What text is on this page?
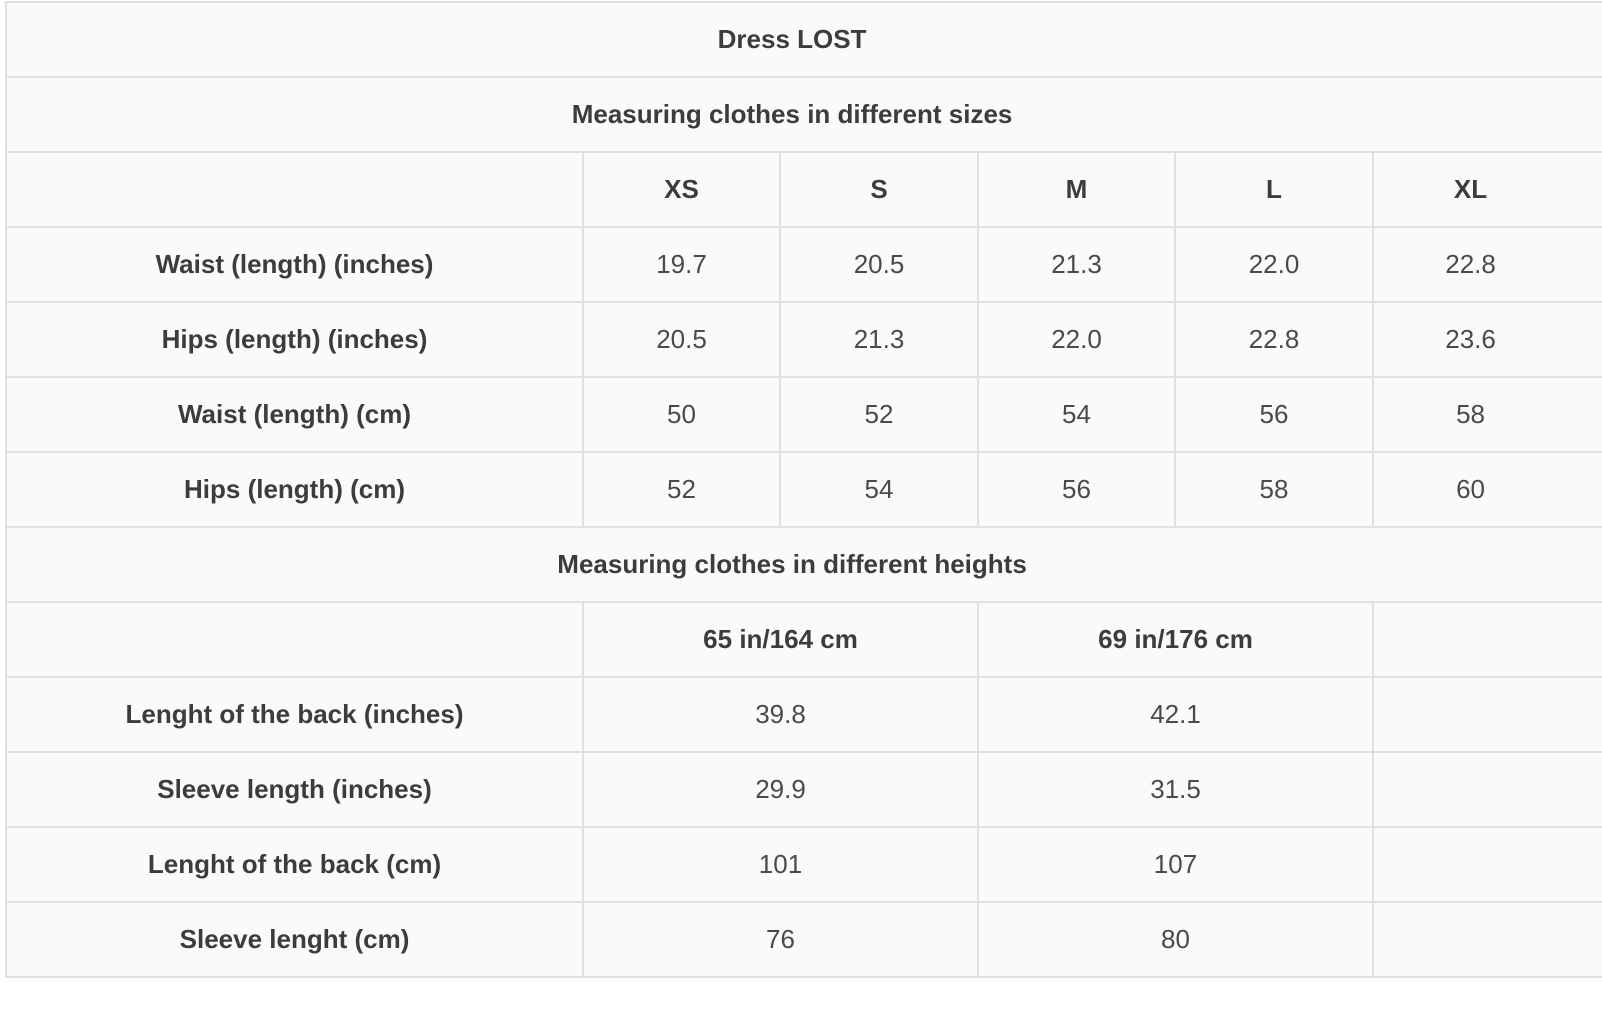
Dress LOST					
Measuring clothes in different sizes					
	XS	S	M	L	XL
Waist (length) (inches)	19.7	20.5	21.3	22.0	22.8
Hips (length) (inches)	20.5	21.3	22.0	22.8	23.6
Waist (length) (cm)	50	52	54	56	58
Hips (length) (cm)	52	54	56	58	60
Measuring clothes in different heights					
	65 in/164 cm		69 in/176 cm		
Lenght of the back (inches)	39.8		42.1		
Sleeve length (inches)	29.9		31.5		
Lenght of the back (cm)	101		107		
Sleeve lenght (cm)	76		80		
